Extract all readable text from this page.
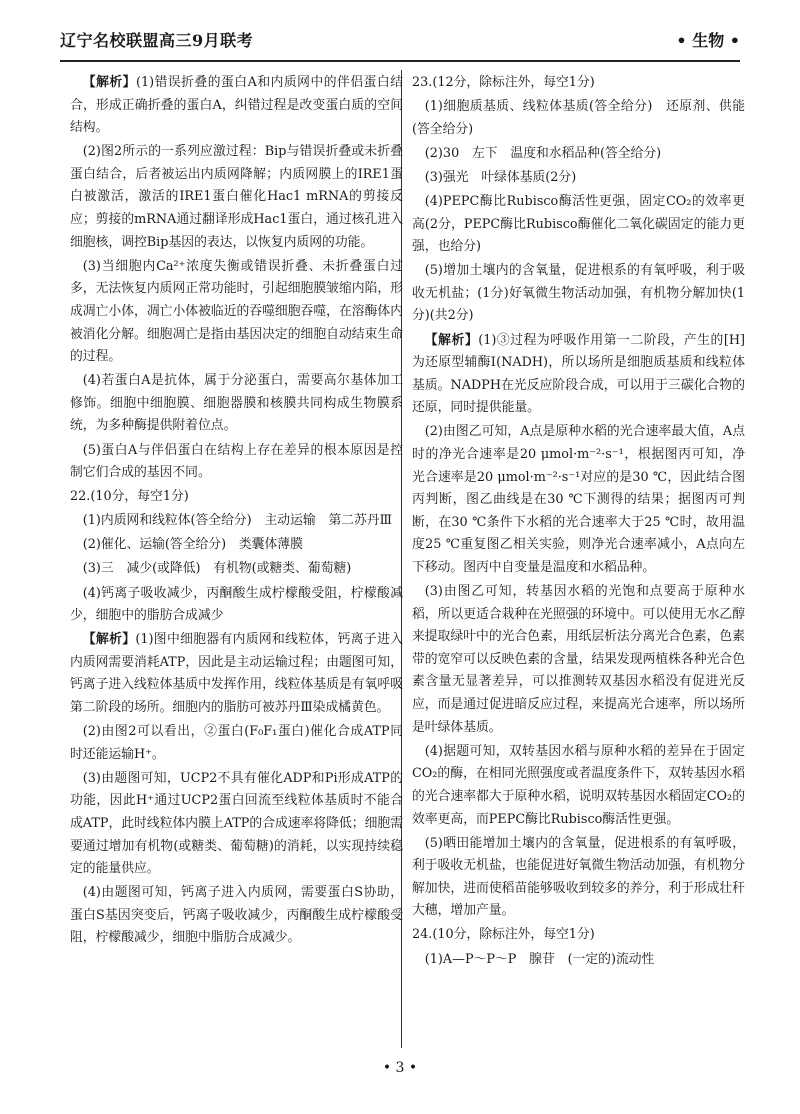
辽宁名校联盟高三9月联考	• 生物 •

【解析】(1)错误折叠的蛋白A和内质网中的伴侣蛋白结合，形成正确折叠的蛋白A，纠错过程是改变蛋白质的空间结构。

(2)图2所示的一系列应激过程：Bip与错误折叠或未折叠蛋白结合，后者被运出内质网降解；内质网膜上的IRE1蛋白被激活，激活的IRE1蛋白催化Hac1 mRNA的剪接反应；剪接的mRNA通过翻译形成Hac1蛋白，通过核孔进入细胞核，调控Bip基因的表达，以恢复内质网的功能。

(3)当细胞内Ca²⁺浓度失衡或错误折叠、未折叠蛋白过多，无法恢复内质网正常功能时，引起细胞膜皱缩内陷，形成凋亡小体，凋亡小体被临近的吞噬细胞吞噬，在溶酶体内被消化分解。细胞凋亡是指由基因决定的细胞自动结束生命的过程。

(4)若蛋白A是抗体，属于分泌蛋白，需要高尔基体加工修饰。细胞中细胞膜、细胞器膜和核膜共同构成生物膜系统，为多种酶提供附着位点。

(5)蛋白A与伴侣蛋白在结构上存在差异的根本原因是控制它们合成的基因不同。

22.(10分，每空1分)

(1)内质网和线粒体(答全给分)　主动运输　第二苏丹Ⅲ

(2)催化、运输(答全给分)　类囊体薄膜

(3)三　减少(或降低)　有机物(或糖类、葡萄糖)

(4)钙离子吸收减少，丙酮酸生成柠檬酸受阻，柠檬酸减少，细胞中的脂肪合成减少

【解析】(1)图中细胞器有内质网和线粒体，钙离子进入内质网需要消耗ATP，因此是主动运输过程；由题图可知，钙离子进入线粒体基质中发挥作用，线粒体基质是有氧呼吸第二阶段的场所。细胞内的脂肪可被苏丹Ⅲ染成橘黄色。

(2)由图2可以看出，②蛋白(F₀F₁蛋白)催化合成ATP同时还能运输H⁺。

(3)由题图可知，UCP2不具有催化ADP和Pi形成ATP的功能，因此H⁺通过UCP2蛋白回流至线粒体基质时不能合成ATP，此时线粒体内膜上ATP的合成速率将降低；细胞需要通过增加有机物(或糖类、葡萄糖)的消耗，以实现持续稳定的能量供应。

(4)由题图可知，钙离子进入内质网，需要蛋白S协助，蛋白S基因突变后，钙离子吸收减少，丙酮酸生成柠檬酸受阻，柠檬酸减少，细胞中脂肪合成减少。

23.(12分，除标注外，每空1分)

(1)细胞质基质、线粒体基质(答全给分)　还原剂、供能(答全给分)

(2)30　左下　温度和水稻品种(答全给分)

(3)强光　叶绿体基质(2分)

(4)PEPC酶比Rubisco酶活性更强，固定CO₂的效率更高(2分，PEPC酶比Rubisco酶催化二氧化碳固定的能力更强，也给分)

(5)增加土壤内的含氧量，促进根系的有氧呼吸，利于吸收无机盐；(1分)好氧微生物活动加强，有机物分解加快(1分)(共2分)

【解析】(1)③过程为呼吸作用第一二阶段，产生的[H]为还原型辅酶Ⅰ(NADH)，所以场所是细胞质基质和线粒体基质。NADPH在光反应阶段合成，可以用于三碳化合物的还原，同时提供能量。

(2)由图乙可知，A点是原种水稻的光合速率最大值，A点时的净光合速率是20 μmol·m⁻²·s⁻¹，根据图丙可知，净光合速率是20 μmol·m⁻²·s⁻¹对应的是30 ℃，因此结合图丙判断，图乙曲线是在30 ℃下测得的结果；据图丙可判断，在30 ℃条件下水稻的光合速率大于25 ℃时，故用温度25 ℃重复图乙相关实验，则净光合速率减小，A点向左下移动。图丙中自变量是温度和水稻品种。

(3)由图乙可知，转基因水稻的光饱和点要高于原种水稻，所以更适合栽种在光照强的环境中。可以使用无水乙醇来提取绿叶中的光合色素，用纸层析法分离光合色素，色素带的宽窄可以反映色素的含量，结果发现两植株各种光合色素含量无显著差异，可以推测转双基因水稻没有促进光反应，而是通过促进暗反应过程，来提高光合速率，所以场所是叶绿体基质。

(4)据题可知，双转基因水稻与原种水稻的差异在于固定CO₂的酶，在相同光照强度或者温度条件下，双转基因水稻的光合速率都大于原种水稻，说明双转基因水稻固定CO₂的效率更高，而PEPC酶比Rubisco酶活性更强。

(5)晒田能增加土壤内的含氧量，促进根系的有氧呼吸，利于吸收无机盐，也能促进好氧微生物活动加强，有机物分解加快，进而使稻苗能够吸收到较多的养分，利于形成壮秆大穗，增加产量。

24.(10分，除标注外，每空1分)

(1)A—P～P～P　腺苷　(一定的)流动性

• 3 •
